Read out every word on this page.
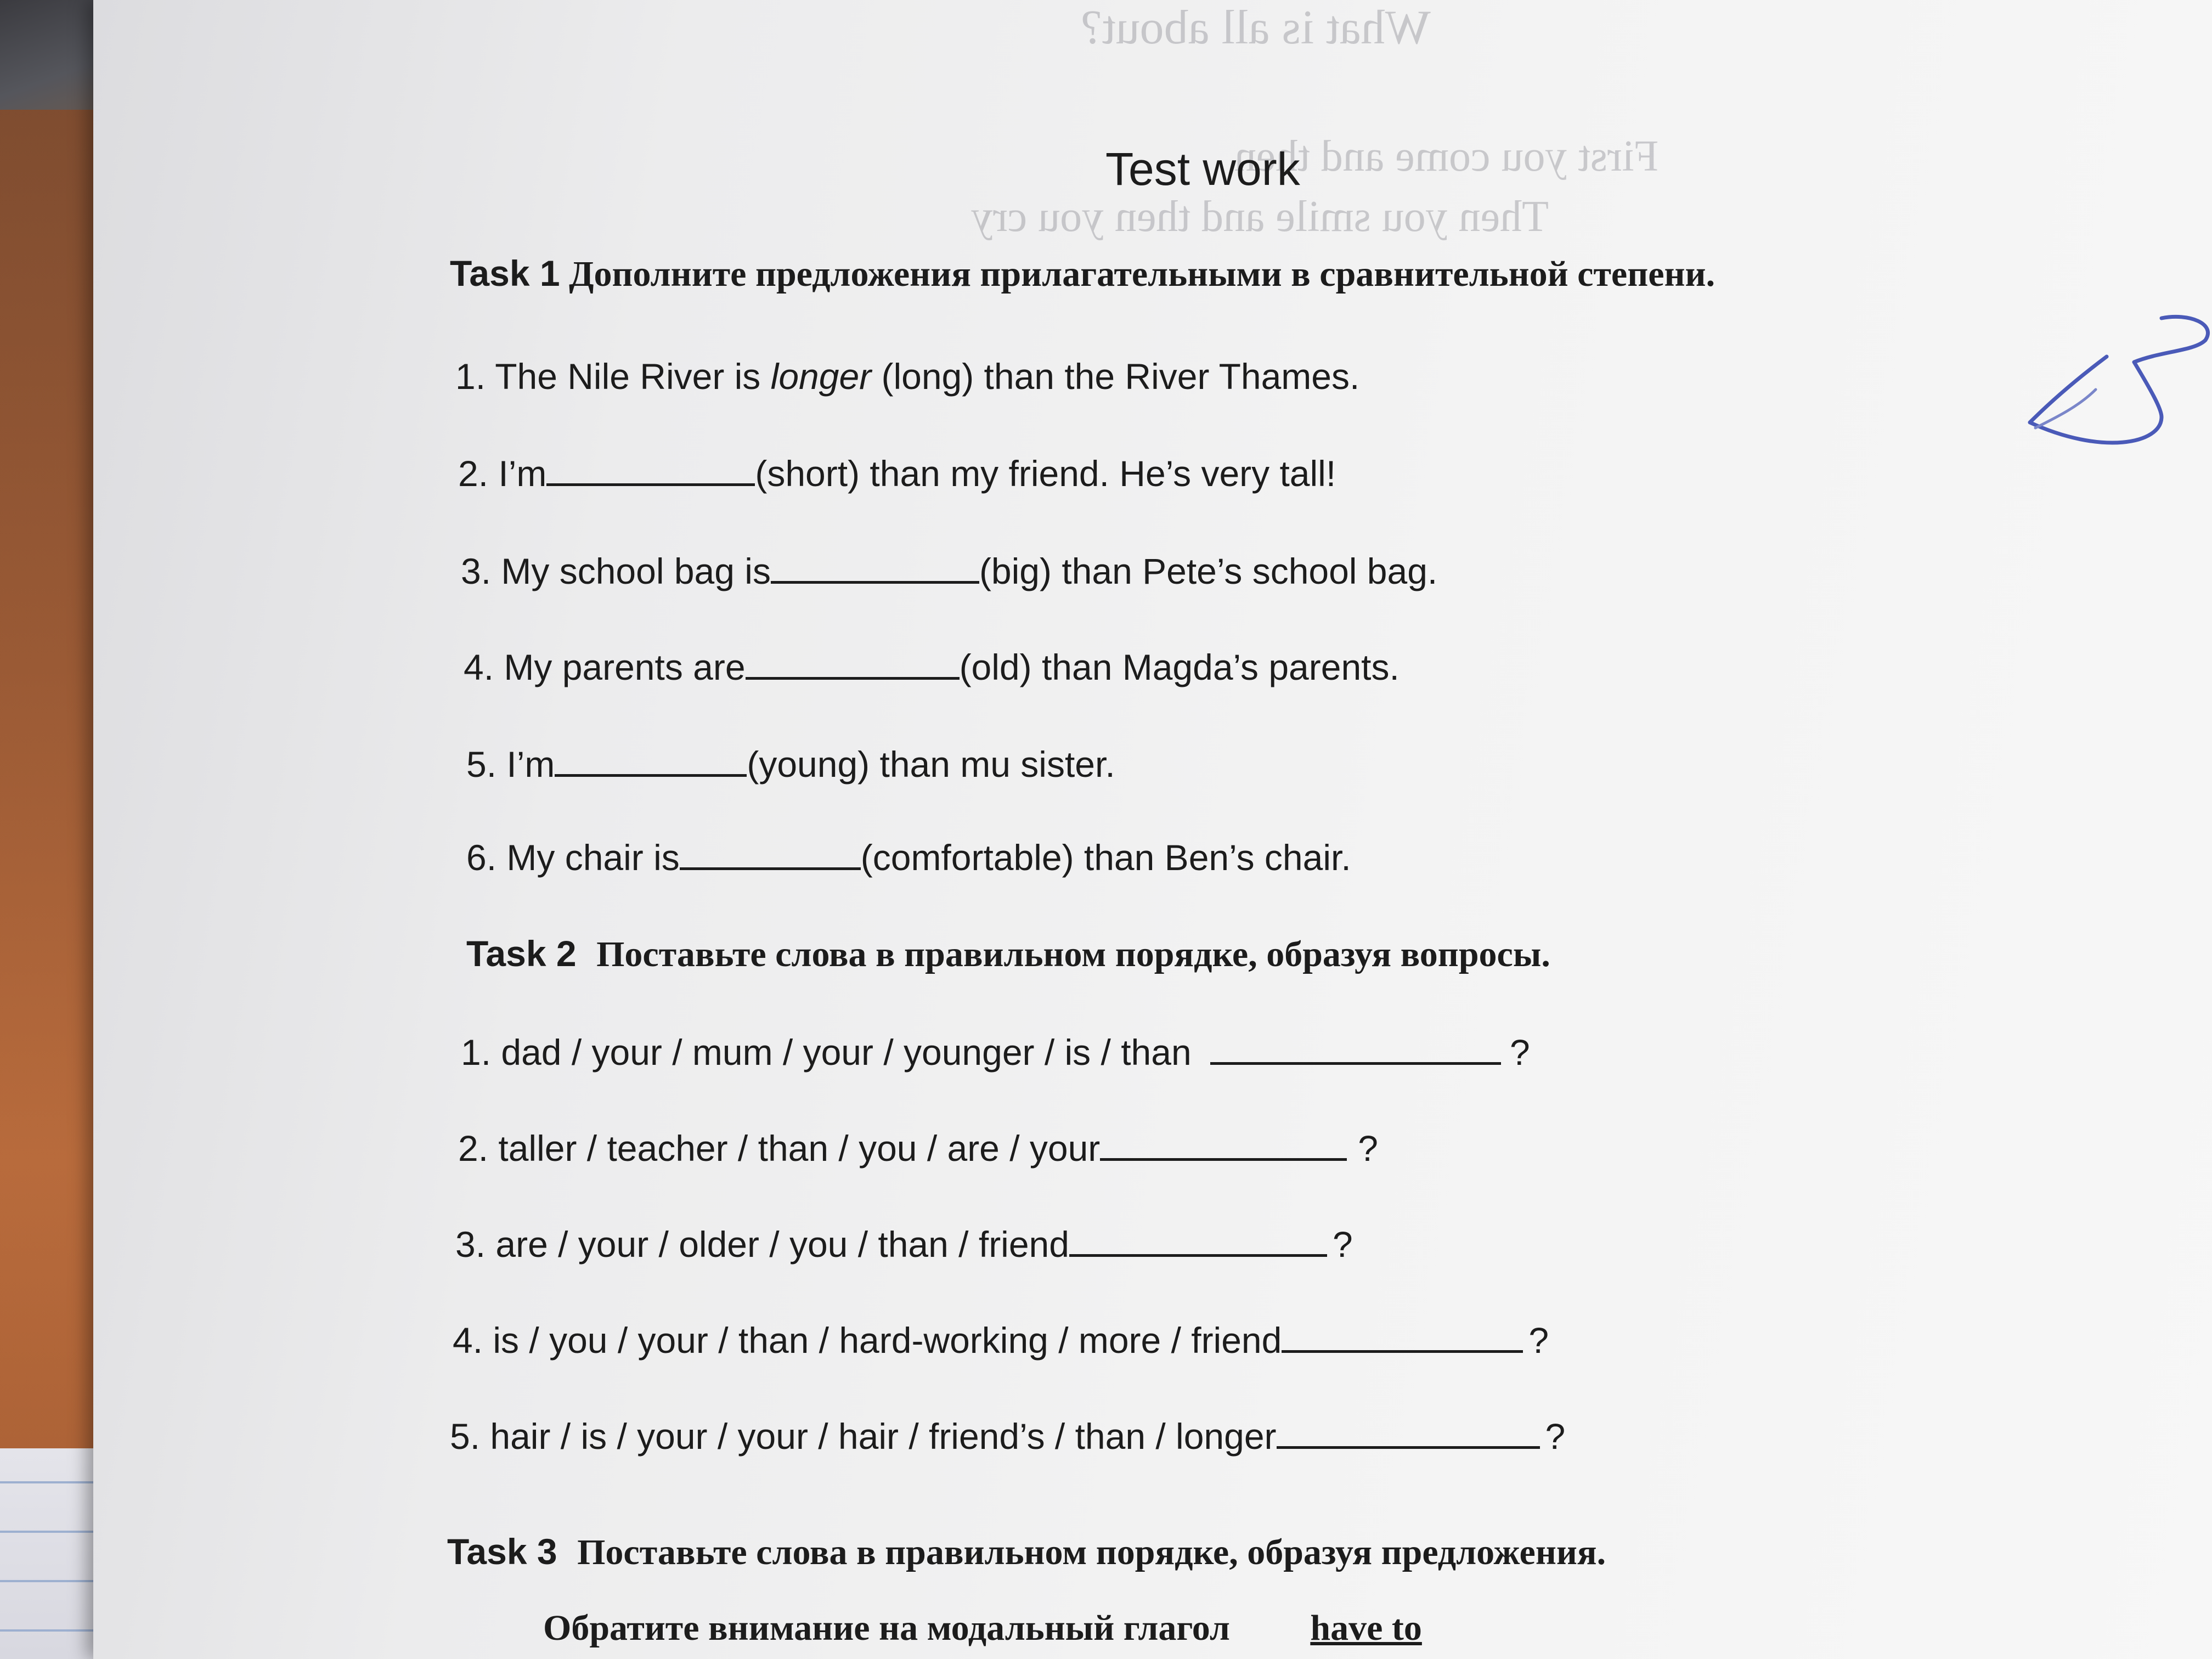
What is all about?
First you come and then
Then you smile and then you cry
Test work
Task 1 Дополните предложения прилагательными в сравнительной степени.
1. The Nile River is longer (long) than the River Thames.
2. I’m	(short) than my friend. He’s very tall!
3. My school bag is	(big) than Pete’s school bag.
4. My parents are	(old) than Magda’s parents.
5. I’m	(young) than mu sister.
6. My chair is	(comfortable) than Ben’s chair.
Task 2 Поставьте слова в правильном порядке, образуя вопросы.
1. dad / your / mum / your / younger / is / than	?
2. taller / teacher / than / you / are / your	?
3. are / your / older / you / than / friend	?
4. is / you / your / than / hard-working / more / friend	?
5. hair / is / your / your / hair / friend’s / than / longer	?
Task 3 Поставьте слова в правильном порядке, образуя предложения.
Обратите внимание на модальный глагол have to
